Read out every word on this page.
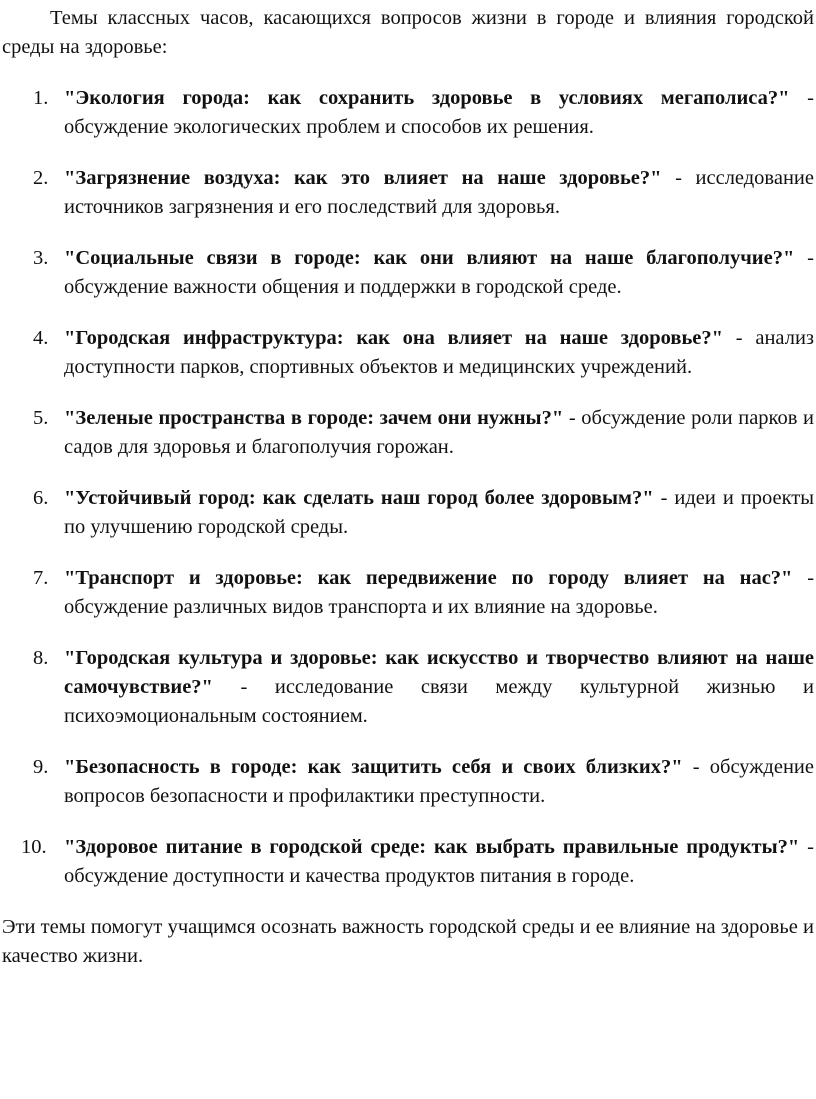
Темы классных часов, касающихся вопросов жизни в городе и влияния городской среды на здоровье:

1. "Экология города: как сохранить здоровье в условиях мегаполиса?" - обсуждение экологических проблем и способов их решения.
2. "Загрязнение воздуха: как это влияет на наше здоровье?" - исследование источников загрязнения и его последствий для здоровья.
3. "Социальные связи в городе: как они влияют на наше благополучие?" - обсуждение важности общения и поддержки в городской среде.
4. "Городская инфраструктура: как она влияет на наше здоровье?" - анализ доступности парков, спортивных объектов и медицинских учреждений.
5. "Зеленые пространства в городе: зачем они нужны?" - обсуждение роли парков и садов для здоровья и благополучия горожан.
6. "Устойчивый город: как сделать наш город более здоровым?" - идеи и проекты по улучшению городской среды.
7. "Транспорт и здоровье: как передвижение по городу влияет на нас?" - обсуждение различных видов транспорта и их влияние на здоровье.
8. "Городская культура и здоровье: как искусство и творчество влияют на наше самочувствие?" - исследование связи между культурной жизнью и психоэмоциональным состоянием.
9. "Безопасность в городе: как защитить себя и своих близких?" - обсуждение вопросов безопасности и профилактики преступности.
10. "Здоровое питание в городской среде: как выбрать правильные продукты?" - обсуждение доступности и качества продуктов питания в городе.

Эти темы помогут учащимся осознать важность городской среды и ее влияние на здоровье и качество жизни.
